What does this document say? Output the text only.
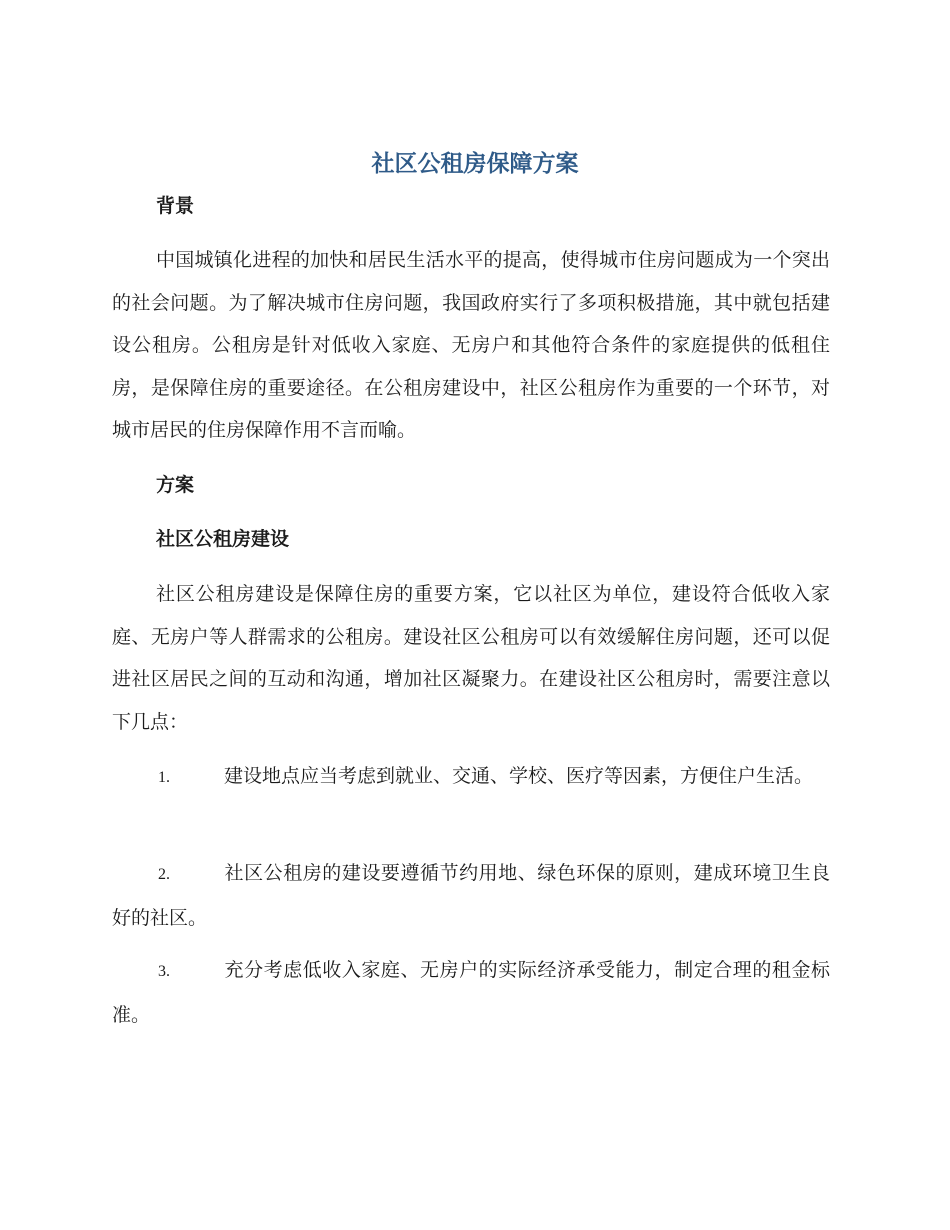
社区公租房保障方案
背景

中国城镇化进程的加快和居民生活水平的提高，使得城市住房问题成为一个突出的社会问题。为了解决城市住房问题，我国政府实行了多项积极措施，其中就包括建设公租房。公租房是针对低收入家庭、无房户和其他符合条件的家庭提供的低租住房，是保障住房的重要途径。在公租房建设中，社区公租房作为重要的一个环节，对城市居民的住房保障作用不言而喻。

方案
社区公租房建设

社区公租房建设是保障住房的重要方案，它以社区为单位，建设符合低收入家庭、无房户等人群需求的公租房。建设社区公租房可以有效缓解住房问题，还可以促进社区居民之间的互动和沟通，增加社区凝聚力。在建设社区公租房时，需要注意以下几点：

1.	建设地点应当考虑到就业、交通、学校、医疗等因素，方便住户生活。

2.	社区公租房的建设要遵循节约用地、绿色环保的原则，建成环境卫生良好的社区。

3.	充分考虑低收入家庭、无房户的实际经济承受能力，制定合理的租金标准。
